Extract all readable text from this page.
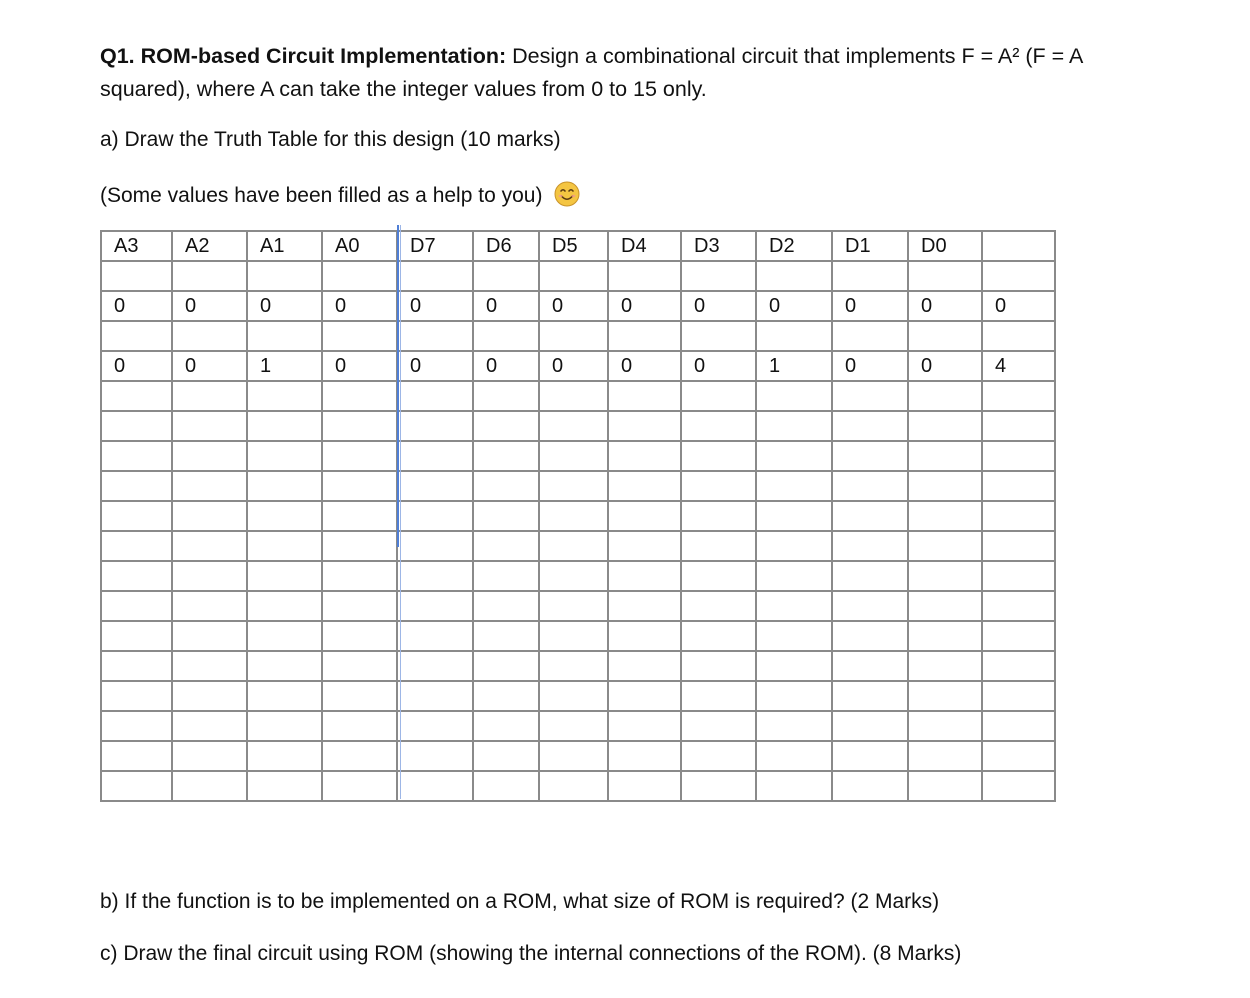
Q1. ROM-based Circuit Implementation: Design a combinational circuit that implements F = A² (F = A squared), where A can take the integer values from 0 to 15 only.
a) Draw the Truth Table for this design (10 marks)
(Some values have been filled as a help to you)
A3	A2	A1	A0	D7	D6	D5	D4	D3	D2	D1	D0	

0	0	0	0	0	0	0	0	0	0	0	0	0

0	0	1	0	0	0	0	0	0	1	0	0	4

b) If the function is to be implemented on a ROM, what size of ROM is required? (2 Marks)
c) Draw the final circuit using ROM (showing the internal connections of the ROM). (8 Marks)
